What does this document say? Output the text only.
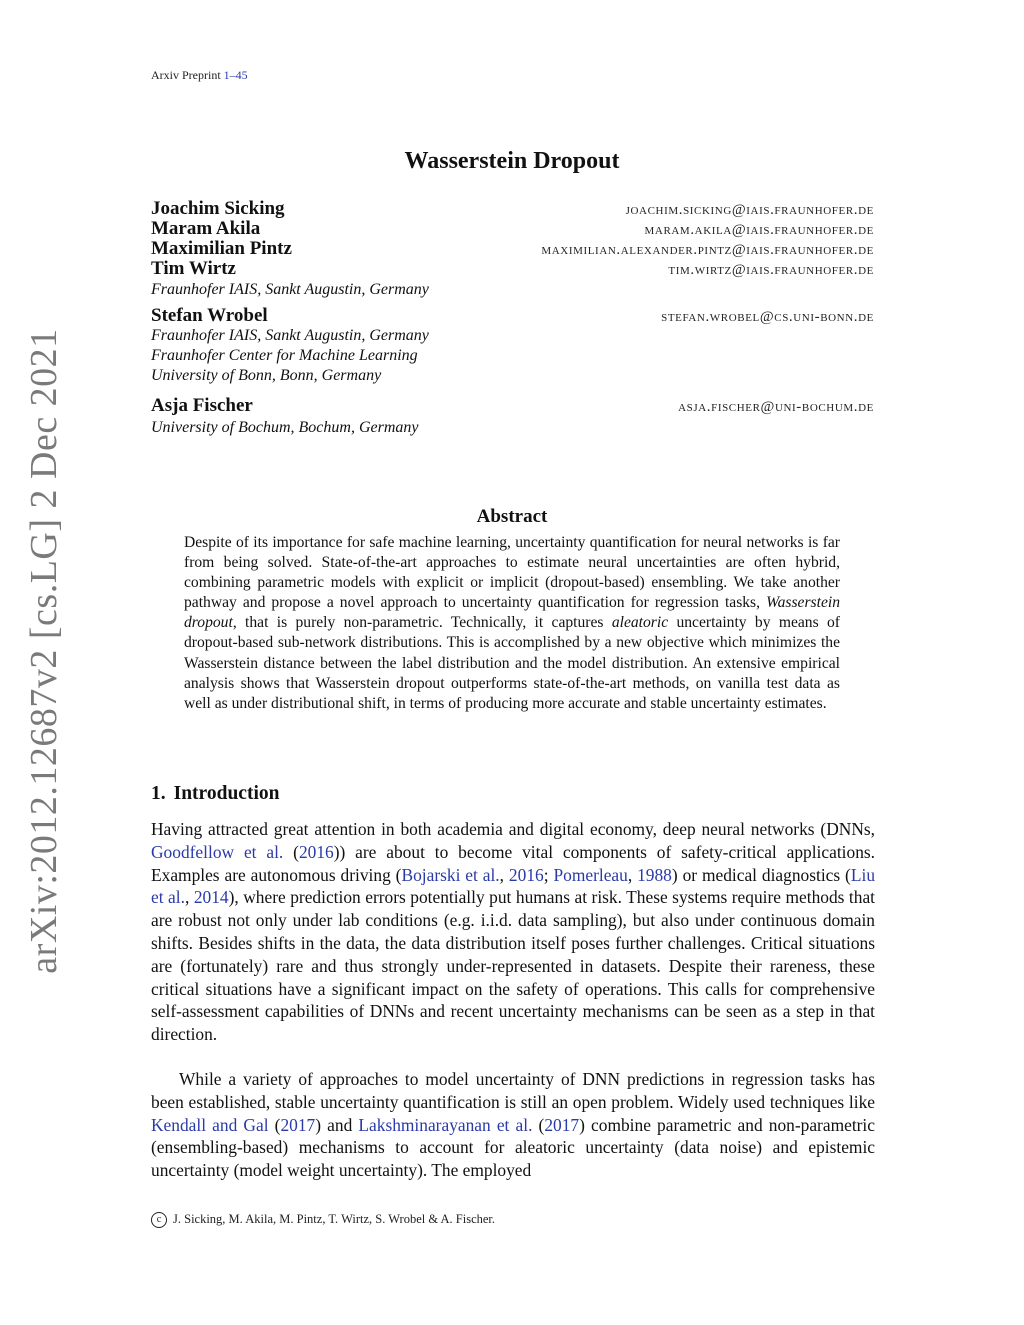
Arxiv Preprint 1–45
arXiv:2012.12687v2 [cs.LG] 2 Dec 2021
Wasserstein Dropout
Joachim Sicking	joachim.sicking@iais.fraunhofer.de
Maram Akila	maram.akila@iais.fraunhofer.de
Maximilian Pintz	maximilian.alexander.pintz@iais.fraunhofer.de
Tim Wirtz	tim.wirtz@iais.fraunhofer.de
Fraunhofer IAIS, Sankt Augustin, Germany
Stefan Wrobel	stefan.wrobel@cs.uni-bonn.de
Fraunhofer IAIS, Sankt Augustin, Germany
Fraunhofer Center for Machine Learning
University of Bonn, Bonn, Germany
Asja Fischer	asja.fischer@uni-bochum.de
University of Bochum, Bochum, Germany
Abstract
Despite of its importance for safe machine learning, uncertainty quantification for neural networks is far from being solved. State-of-the-art approaches to estimate neural uncertainties are often hybrid, combining parametric models with explicit or implicit (dropout-based) ensembling. We take another pathway and propose a novel approach to uncertainty quantification for regression tasks, Wasserstein dropout, that is purely non-parametric. Technically, it captures aleatoric uncertainty by means of dropout-based sub-network distributions. This is accomplished by a new objective which minimizes the Wasserstein distance between the label distribution and the model distribution. An extensive empirical analysis shows that Wasserstein dropout outperforms state-of-the-art methods, on vanilla test data as well as under distributional shift, in terms of producing more accurate and stable uncertainty estimates.
1. Introduction

Having attracted great attention in both academia and digital economy, deep neural networks (DNNs, Goodfellow et al. (2016)) are about to become vital components of safety-critical applications. Examples are autonomous driving (Bojarski et al., 2016; Pomerleau, 1988) or medical diagnostics (Liu et al., 2014), where prediction errors potentially put humans at risk. These systems require methods that are robust not only under lab conditions (e.g. i.i.d. data sampling), but also under continuous domain shifts. Besides shifts in the data, the data distribution itself poses further challenges. Critical situations are (fortunately) rare and thus strongly under-represented in datasets. Despite their rareness, these critical situations have a significant impact on the safety of operations. This calls for comprehensive self-assessment capabilities of DNNs and recent uncertainty mechanisms can be seen as a step in that direction.

While a variety of approaches to model uncertainty of DNN predictions in regression tasks has been established, stable uncertainty quantification is still an open problem. Widely used techniques like Kendall and Gal (2017) and Lakshminarayanan et al. (2017) combine parametric and non-parametric (ensembling-based) mechanisms to account for aleatoric uncertainty (data noise) and epistemic uncertainty (model weight uncertainty). The employed

c J. Sicking, M. Akila, M. Pintz, T. Wirtz, S. Wrobel & A. Fischer.
